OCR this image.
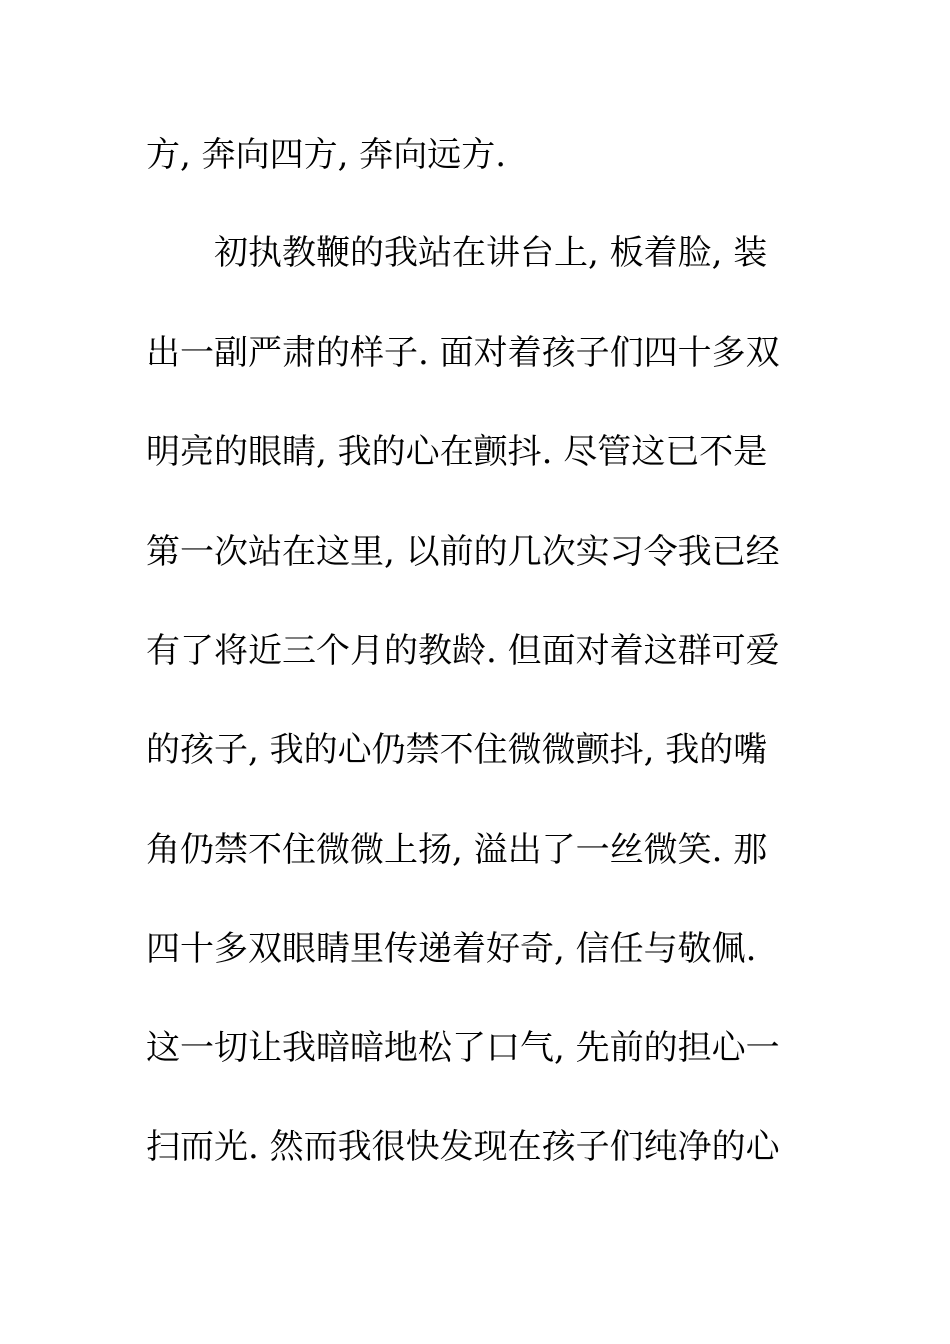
方, 奔向四方, 奔向远方.
初执教鞭的我站在讲台上, 板着脸, 装
出一副严肃的样子. 面对着孩子们四十多双
明亮的眼睛, 我的心在颤抖. 尽管这已不是
第一次站在这里, 以前的几次实习令我已经
有了将近三个月的教龄. 但面对着这群可爱
的孩子, 我的心仍禁不住微微颤抖, 我的嘴
角仍禁不住微微上扬, 溢出了一丝微笑. 那
四十多双眼睛里传递着好奇, 信任与敬佩.
这一切让我暗暗地松了口气, 先前的担心一
扫而光. 然而我很快发现在孩子们纯净的心
